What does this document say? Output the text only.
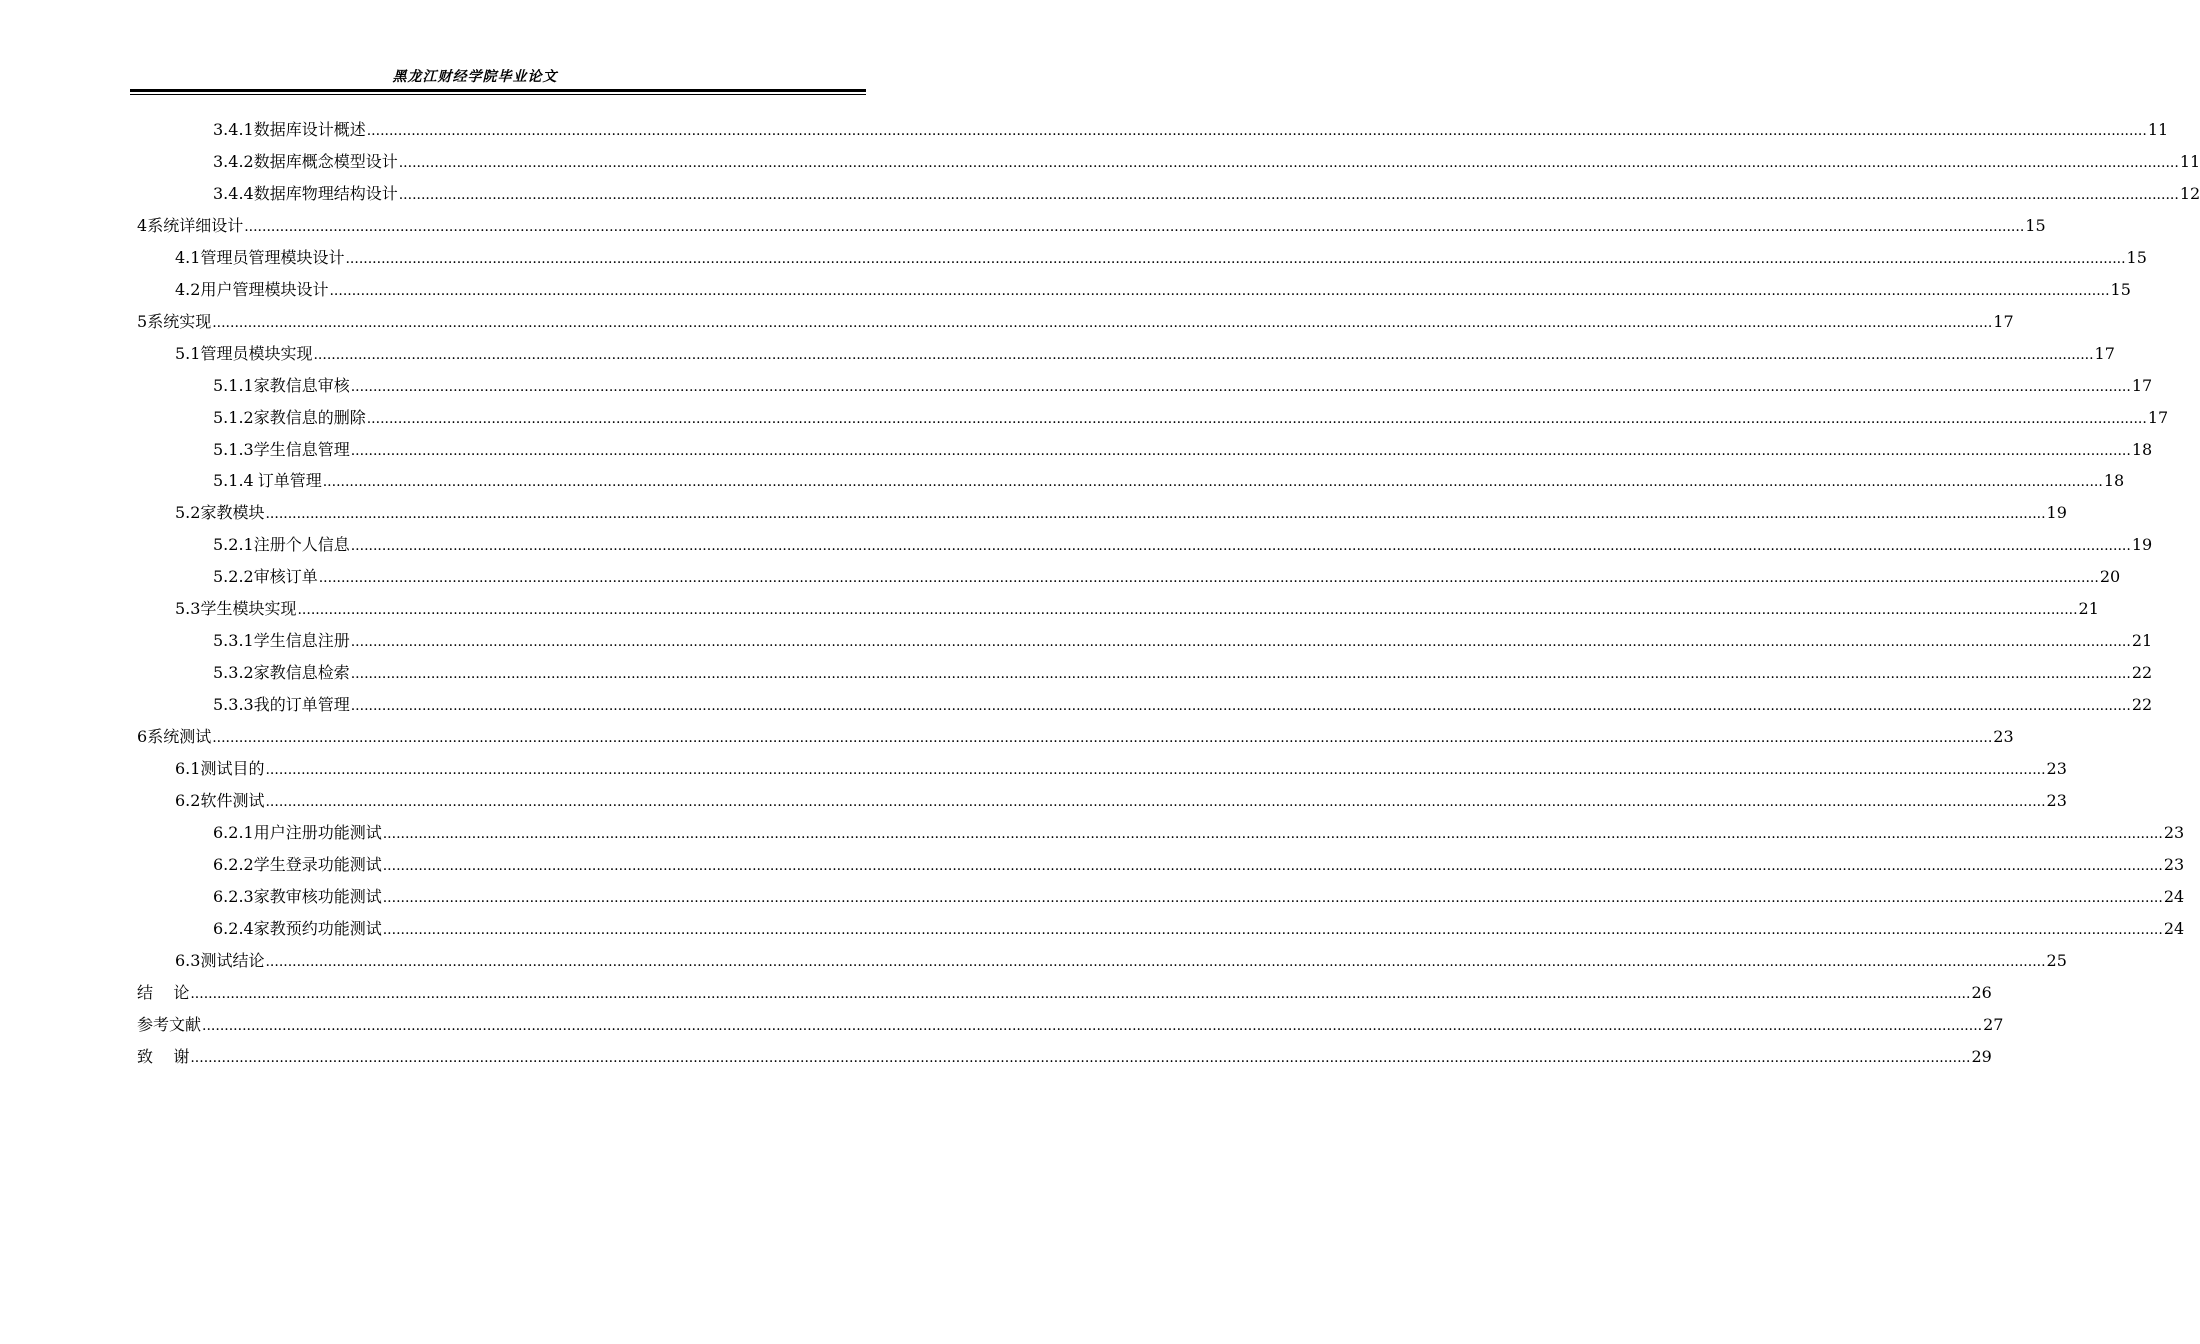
黑龙江财经学院毕业论文
3.4.1 数据库设计概述 ................................................................................................................................................................................................................................................................................................................................................................................................................ 11
3.4.2 数据库概念模型设计 ................................................................................................................................................................................................................................................................................................................................................................................................................ 11
3.4.4 数据库物理结构设计 ................................................................................................................................................................................................................................................................................................................................................................................................................ 12
4 系统详细设计 ................................................................................................................................................................................................................................................................................................................................................................................................................ 15
4.1 管理员管理模块设计 ................................................................................................................................................................................................................................................................................................................................................................................................................ 15
4.2 用户管理模块设计 ................................................................................................................................................................................................................................................................................................................................................................................................................ 15
5 系统实现 ................................................................................................................................................................................................................................................................................................................................................................................................................ 17
5.1 管理员模块实现 ................................................................................................................................................................................................................................................................................................................................................................................................................ 17
5.1.1 家教信息审核 ................................................................................................................................................................................................................................................................................................................................................................................................................ 17
5.1.2 家教信息的删除 ................................................................................................................................................................................................................................................................................................................................................................................................................ 17
5.1.3 学生信息管理 ................................................................................................................................................................................................................................................................................................................................................................................................................ 18
5.1.4 订单管理 ................................................................................................................................................................................................................................................................................................................................................................................................................ 18
5.2 家教模块 ................................................................................................................................................................................................................................................................................................................................................................................................................ 19
5.2.1 注册个人信息 ................................................................................................................................................................................................................................................................................................................................................................................................................ 19
5.2.2 审核订单 ................................................................................................................................................................................................................................................................................................................................................................................................................ 20
5.3 学生模块实现 ................................................................................................................................................................................................................................................................................................................................................................................................................ 21
5.3.1 学生信息注册 ................................................................................................................................................................................................................................................................................................................................................................................................................ 21
5.3.2 家教信息检索 ................................................................................................................................................................................................................................................................................................................................................................................................................ 22
5.3.3 我的订单管理 ................................................................................................................................................................................................................................................................................................................................................................................................................ 22
6 系统测试 ................................................................................................................................................................................................................................................................................................................................................................................................................ 23
6.1 测试目的 ................................................................................................................................................................................................................................................................................................................................................................................................................ 23
6.2 软件测试 ................................................................................................................................................................................................................................................................................................................................................................................................................ 23
6.2.1 用户注册功能测试 ................................................................................................................................................................................................................................................................................................................................................................................................................ 23
6.2.2 学生登录功能测试 ................................................................................................................................................................................................................................................................................................................................................................................................................ 23
6.2.3 家教审核功能测试 ................................................................................................................................................................................................................................................................................................................................................................................................................ 24
6.2.4 家教预约功能测试 ................................................................................................................................................................................................................................................................................................................................................................................................................ 24
6.3 测试结论 ................................................................................................................................................................................................................................................................................................................................................................................................................ 25
结    论 ................................................................................................................................................................................................................................................................................................................................................................................................................ 26
参考文献 ................................................................................................................................................................................................................................................................................................................................................................................................................ 27
致    谢 ................................................................................................................................................................................................................................................................................................................................................................................................................ 29
